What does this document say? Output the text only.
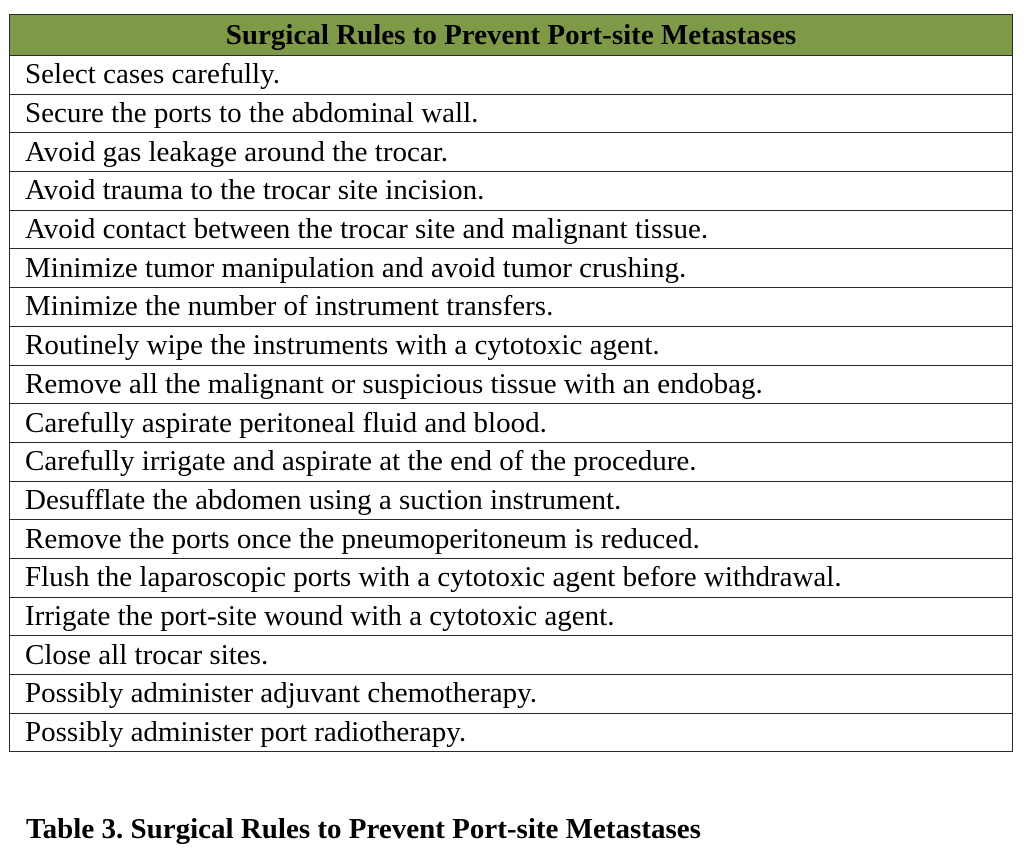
Surgical Rules to Prevent Port-site Metastases
Select cases carefully.
Secure the ports to the abdominal wall.
Avoid gas leakage around the trocar.
Avoid trauma to the trocar site incision.
Avoid contact between the trocar site and malignant tissue.
Minimize tumor manipulation and avoid tumor crushing.
Minimize the number of instrument transfers.
Routinely wipe the instruments with a cytotoxic agent.
Remove all the malignant or suspicious tissue with an endobag.
Carefully aspirate peritoneal fluid and blood.
Carefully irrigate and aspirate at the end of the procedure.
Desufflate the abdomen using a suction instrument.
Remove the ports once the pneumoperitoneum is reduced.
Flush the laparoscopic ports with a cytotoxic agent before withdrawal.
Irrigate the port-site wound with a cytotoxic agent.
Close all trocar sites.
Possibly administer adjuvant chemotherapy.
Possibly administer port radiotherapy.
Table 3. Surgical Rules to Prevent Port-site Metastases
